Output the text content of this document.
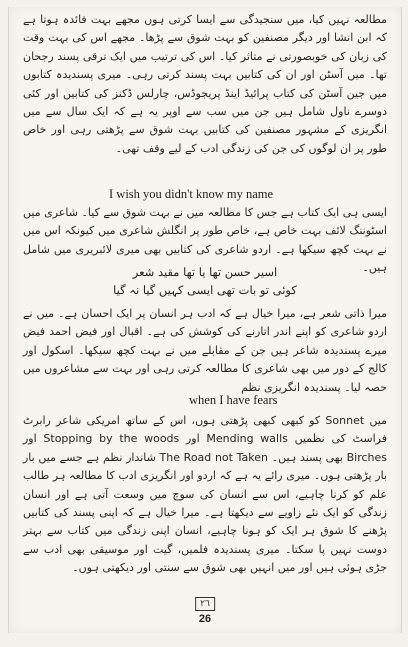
مطالعہ نہیں کیا، میں سنجیدگی سے ایسا کرتی ہوں مجھے بہت فائدہ ہوتا ہے کہ ابن انشا اور دیگر مصنفین کو بہت شوق سے پڑھا۔ مجھے اس کی بہت وقت کی زبان کی خوبصورتی نے متاثر کیا۔ اس کی ترتیب میں ایک ترقی پسند رجحان تھا۔ میں آسٹن اور ان کی کتابیں بہت پسند کرتی رہی۔ میری پسندیدہ کتابوں میں جین آسٹن کی کتاب پرائیڈ اینڈ پریجوڈس، چارلس ڈکنز کی کتابیں اور کئی دوسرے ناول شامل ہیں جن میں سب سے اوپر یہ ہے کہ ایک سال سے میں انگریزی کے مشہور مصنفین کی کتابیں بہت شوق سے پڑھتی رہی اور خاص طور پر ان لوگوں کی جن کی زندگی ادب کے لیے وقف تھی۔

I wish you didn't know my name

ایسی ہی ایک کتاب ہے جس کا مطالعہ میں نے بہت شوق سے کیا۔ شاعری میں اسٹوننگ لائف بہت خاص ہے، خاص طور پر انگلش شاعری میں کیونکہ اس میں نے بہت کچھ سیکھا ہے۔ اردو شاعری کی کتابیں بھی میری لائبریری میں شامل ہیں۔

اسیر حسن تھا یا تھا مقید شعر
کوئی تو بات تھی ایسی کہیں گیا نہ گیا

میرا ذاتی شعر ہے، میرا خیال ہے کہ ادب ہر انسان پر ایک احسان ہے۔ میں نے اردو شاعری کو اپنے اندر اتارنے کی کوشش کی ہے۔ اقبال اور فیض احمد فیض میرے پسندیدہ شاعر ہیں جن کے مقابلے میں نے بہت کچھ سیکھا۔ اسکول اور کالج کے دور میں بھی شاعری کا مطالعہ کرتی رہی اور بہت سے مشاعروں میں حصہ لیا۔ پسندیدہ انگریزی نظم

when I have fears

میں Sonnet کو کبھی کبھی پڑھتی ہوں، اس کے ساتھ امریکی شاعر رابرٹ فراسٹ کی نظمیں Mending walls اور Stopping by the woods اور Birches بھی پسند ہیں۔ The Road not Taken شاندار نظم ہے جسے میں بار بار پڑھتی ہوں۔ میری رائے یہ ہے کہ اردو اور انگریزی ادب کا مطالعہ ہر طالب علم کو کرنا چاہیے، اس سے انسان کی سوچ میں وسعت آتی ہے اور انسان زندگی کو ایک نئے زاویے سے دیکھتا ہے۔ میرا خیال ہے کہ اپنی پسند کی کتابیں پڑھنے کا شوق ہر ایک کو ہونا چاہیے، انسان اپنی زندگی میں کتاب سے بہتر دوست نہیں پا سکتا۔ میری پسندیدہ فلمیں، گیت اور موسیقی بھی ادب سے جڑی ہوئی ہیں اور میں انہیں بھی شوق سے سنتی اور دیکھتی ہوں۔

٢٦
26
